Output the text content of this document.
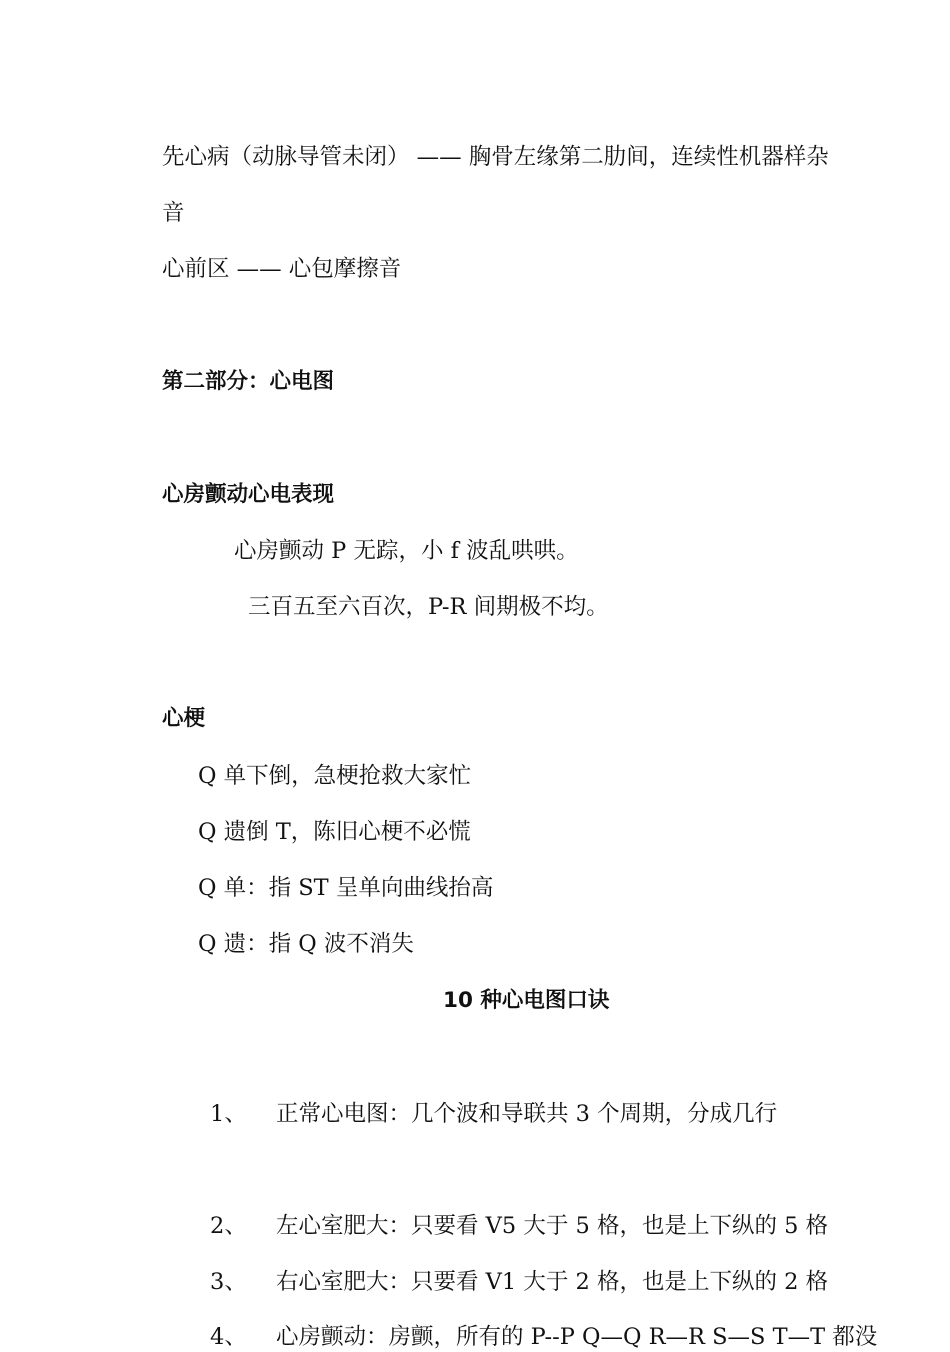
先心病（动脉导管未闭） —— 胸骨左缘第二肋间，连续性机器样杂
音
心前区 —— 心包摩擦音
第二部分：心电图
心房颤动心电表现
心房颤动 P 无踪，小 f 波乱哄哄。
三百五至六百次，P-R 间期极不均。
心梗
Q 单下倒，急梗抢救大家忙
Q 遗倒 T，陈旧心梗不必慌
Q 单：指 ST 呈单向曲线抬高
Q 遗：指 Q 波不消失
10 种心电图口诀
1、 正常心电图：几个波和导联共 3 个周期，分成几行
2、 左心室肥大：只要看 V5 大于 5 格，也是上下纵的 5 格
3、 右心室肥大：只要看 V1 大于 2 格，也是上下纵的 2 格
4、 心房颤动：房颤，所有的 P--P Q—Q R—R S—S T—T 都没
